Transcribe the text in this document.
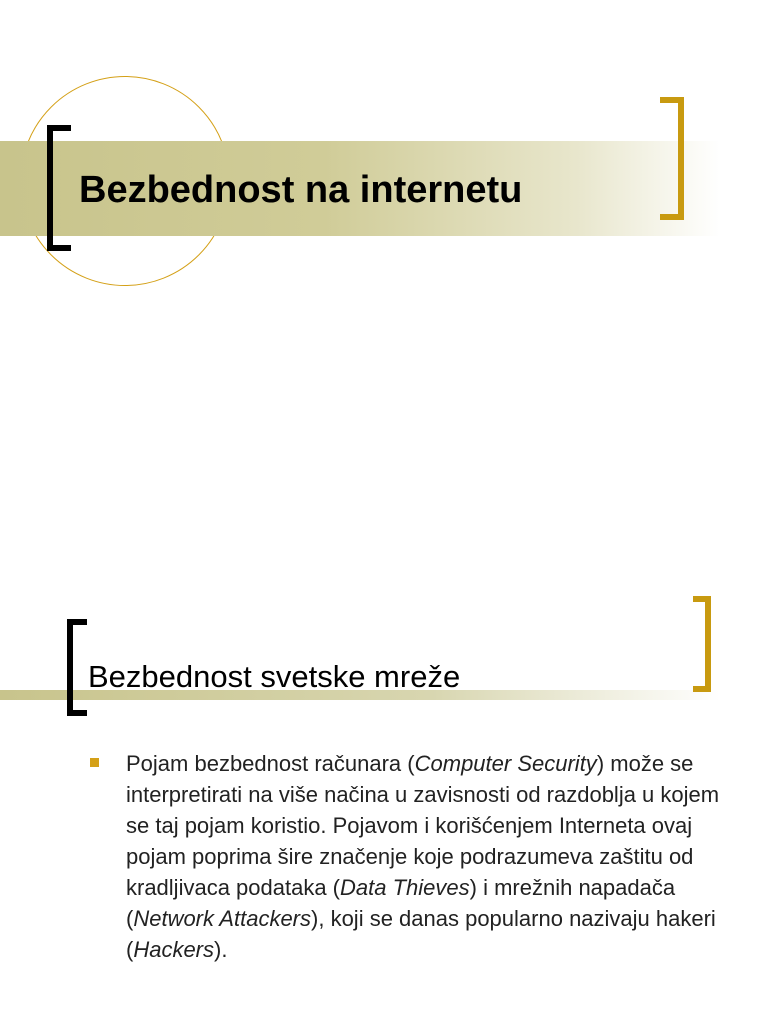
Bezbednost na internetu
Bezbednost svetske mreže
Pojam bezbednost računara (Computer Security) može se interpretirati na više načina u zavisnosti od razdoblja u kojem se taj pojam koristio. Pojavom i korišćenjem Interneta ovaj pojam poprima šire značenje koje podrazumeva zaštitu od kradljivaca podataka (Data Thieves) i mrežnih napadača (Network Attackers), koji se danas popularno nazivaju hakeri (Hackers).
